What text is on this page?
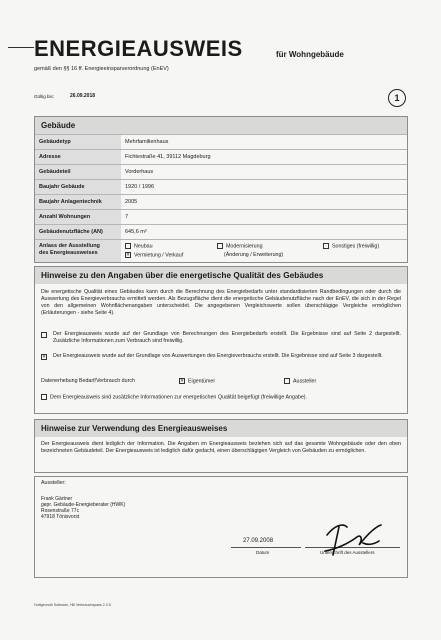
ENERGIEAUSWEIS	für Wohngebäude
gemäß den §§ 16 ff. Energieeinsparverordnung (EnEV)
Gültig bis:	26.09.2018	1
Gebäude
Gebäudetyp	Mehrfamilienhaus
Adresse	Fichtestraße 41, 39112 Magdeburg
Gebäudeteil	Vorderhaus
Baujahr Gebäude	1920 / 1996
Baujahr Anlagentechnik	2005
Anzahl Wohnungen	7
Gebäudenutzfläche (AN)	645,6 m²
Anlass der Ausstellung
des Energieausweises
Neubau	Modernisierung	Sonstiges (freiwillig)
✕ Vermietung / Verkauf	(Änderung / Erweiterung)
Hinweise zu den Angaben über die energetische Qualität des Gebäudes
Die energetische Qualität eines Gebäudes kann durch die Berechnung des Energiebedarfs unter standardisierten Randbedingungen oder durch die Auswertung des Energieverbrauchs ermittelt werden. Als Bezugsfläche dient die energetische Gebäudenutzfläche nach der EnEV, die sich in der Regel von den allgemeinen Wohnflächenangaben unterscheidet. Die angegebenen Vergleichswerte sollen überschlägige Vergleiche ermöglichen (Erläuterungen - siehe Seite 4).
Der Energieausweis wurde auf der Grundlage von Berechnungen des Energiebedarfs erstellt. Die Ergebnisse sind auf Seite 2 dargestellt. Zusätzliche Informationen zum Verbrauch sind freiwillig.
✕ Der Energieausweis wurde auf der Grundlage von Auswertungen des Energieverbrauchs erstellt. Die Ergebnisse sind auf Seite 3 dargestellt.
Datenerhebung Bedarf/Verbrauch durch	✕ Eigentümer	Aussteller
Dem Energieausweis sind zusätzliche Informationen zur energetischen Qualität beigefügt (freiwillige Angabe).
Hinweise zur Verwendung des Energieausweises
Der Energieausweis dient lediglich der Information. Die Angaben im Energieausweis beziehen sich auf das gesamte Wohngebäude oder den oben bezeichneten Gebäudeteil. Der Energieausweis ist lediglich dafür gedacht, einen überschlägigen Vergleich von Gebäuden zu ermöglichen.
Aussteller:
Frank Gärtner
gepr. Gebäude-Energieberater (HWK)
Rosenstraße 77c
47918 Tönisvorst
27.09.2008
Datum	Unterschrift des Ausstellers
Hottgenroth Software, HB Verbrauchspass 2.3.5
